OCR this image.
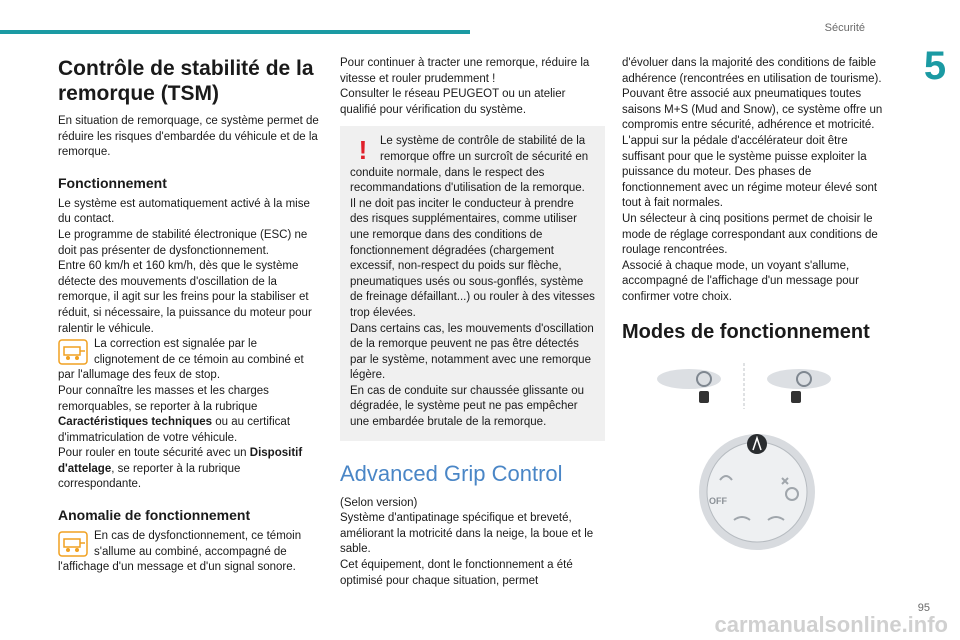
Sécurité
5
Contrôle de stabilité de la remorque (TSM)

En situation de remorquage, ce système permet de réduire les risques d'embardée du véhicule et de la remorque.

Fonctionnement

Le système est automatiquement activé à la mise du contact.

Le programme de stabilité électronique (ESC) ne doit pas présenter de dysfonctionnement.

Entre 60 km/h et 160 km/h, dès que le système détecte des mouvements d'oscillation de la remorque, il agit sur les freins pour la stabiliser et réduit, si nécessaire, la puissance du moteur pour ralentir le véhicule.

La correction est signalée par le clignotement de ce témoin au combiné et par l'allumage des feux de stop.

Pour connaître les masses et les charges remorquables, se reporter à la rubrique Caractéristiques techniques ou au certificat d'immatriculation de votre véhicule.

Pour rouler en toute sécurité avec un Dispositif d'attelage, se reporter à la rubrique correspondante.

Anomalie de fonctionnement

En cas de dysfonctionnement, ce témoin s'allume au combiné, accompagné de l'affichage d'un message et d'un signal sonore.

Pour continuer à tracter une remorque, réduire la vitesse et rouler prudemment !

Consulter le réseau PEUGEOT ou un atelier qualifié pour vérification du système.

!	Le système de contrôle de stabilité de la remorque offre un surcroît de sécurité en conduite normale, dans le respect des recommandations d'utilisation de la remorque.

Il ne doit pas inciter le conducteur à prendre des risques supplémentaires, comme utiliser une remorque dans des conditions de fonctionnement dégradées (chargement excessif, non-respect du poids sur flèche, pneumatiques usés ou sous-gonflés, système de freinage défaillant...) ou rouler à des vitesses trop élevées.

Dans certains cas, les mouvements d'oscillation de la remorque peuvent ne pas être détectés par le système, notamment avec une remorque légère.

En cas de conduite sur chaussée glissante ou dégradée, le système peut ne pas empêcher une embardée brutale de la remorque.

Advanced Grip Control

(Selon version)

Système d'antipatinage spécifique et breveté, améliorant la motricité dans la neige, la boue et le sable.

Cet équipement, dont le fonctionnement a été optimisé pour chaque situation, permet

d'évoluer dans la majorité des conditions de faible adhérence (rencontrées en utilisation de tourisme).

Pouvant être associé aux pneumatiques toutes saisons M+S (Mud and Snow), ce système offre un compromis entre sécurité, adhérence et motricité.

L'appui sur la pédale d'accélérateur doit être suffisant pour que le système puisse exploiter la puissance du moteur. Des phases de fonctionnement avec un régime moteur élevé sont tout à fait normales.

Un sélecteur à cinq positions permet de choisir le mode de réglage correspondant aux conditions de roulage rencontrées.

Associé à chaque mode, un voyant s'allume, accompagné de l'affichage d'un message pour confirmer votre choix.

Modes de fonctionnement
OFF
95
carmanualsonline.info
